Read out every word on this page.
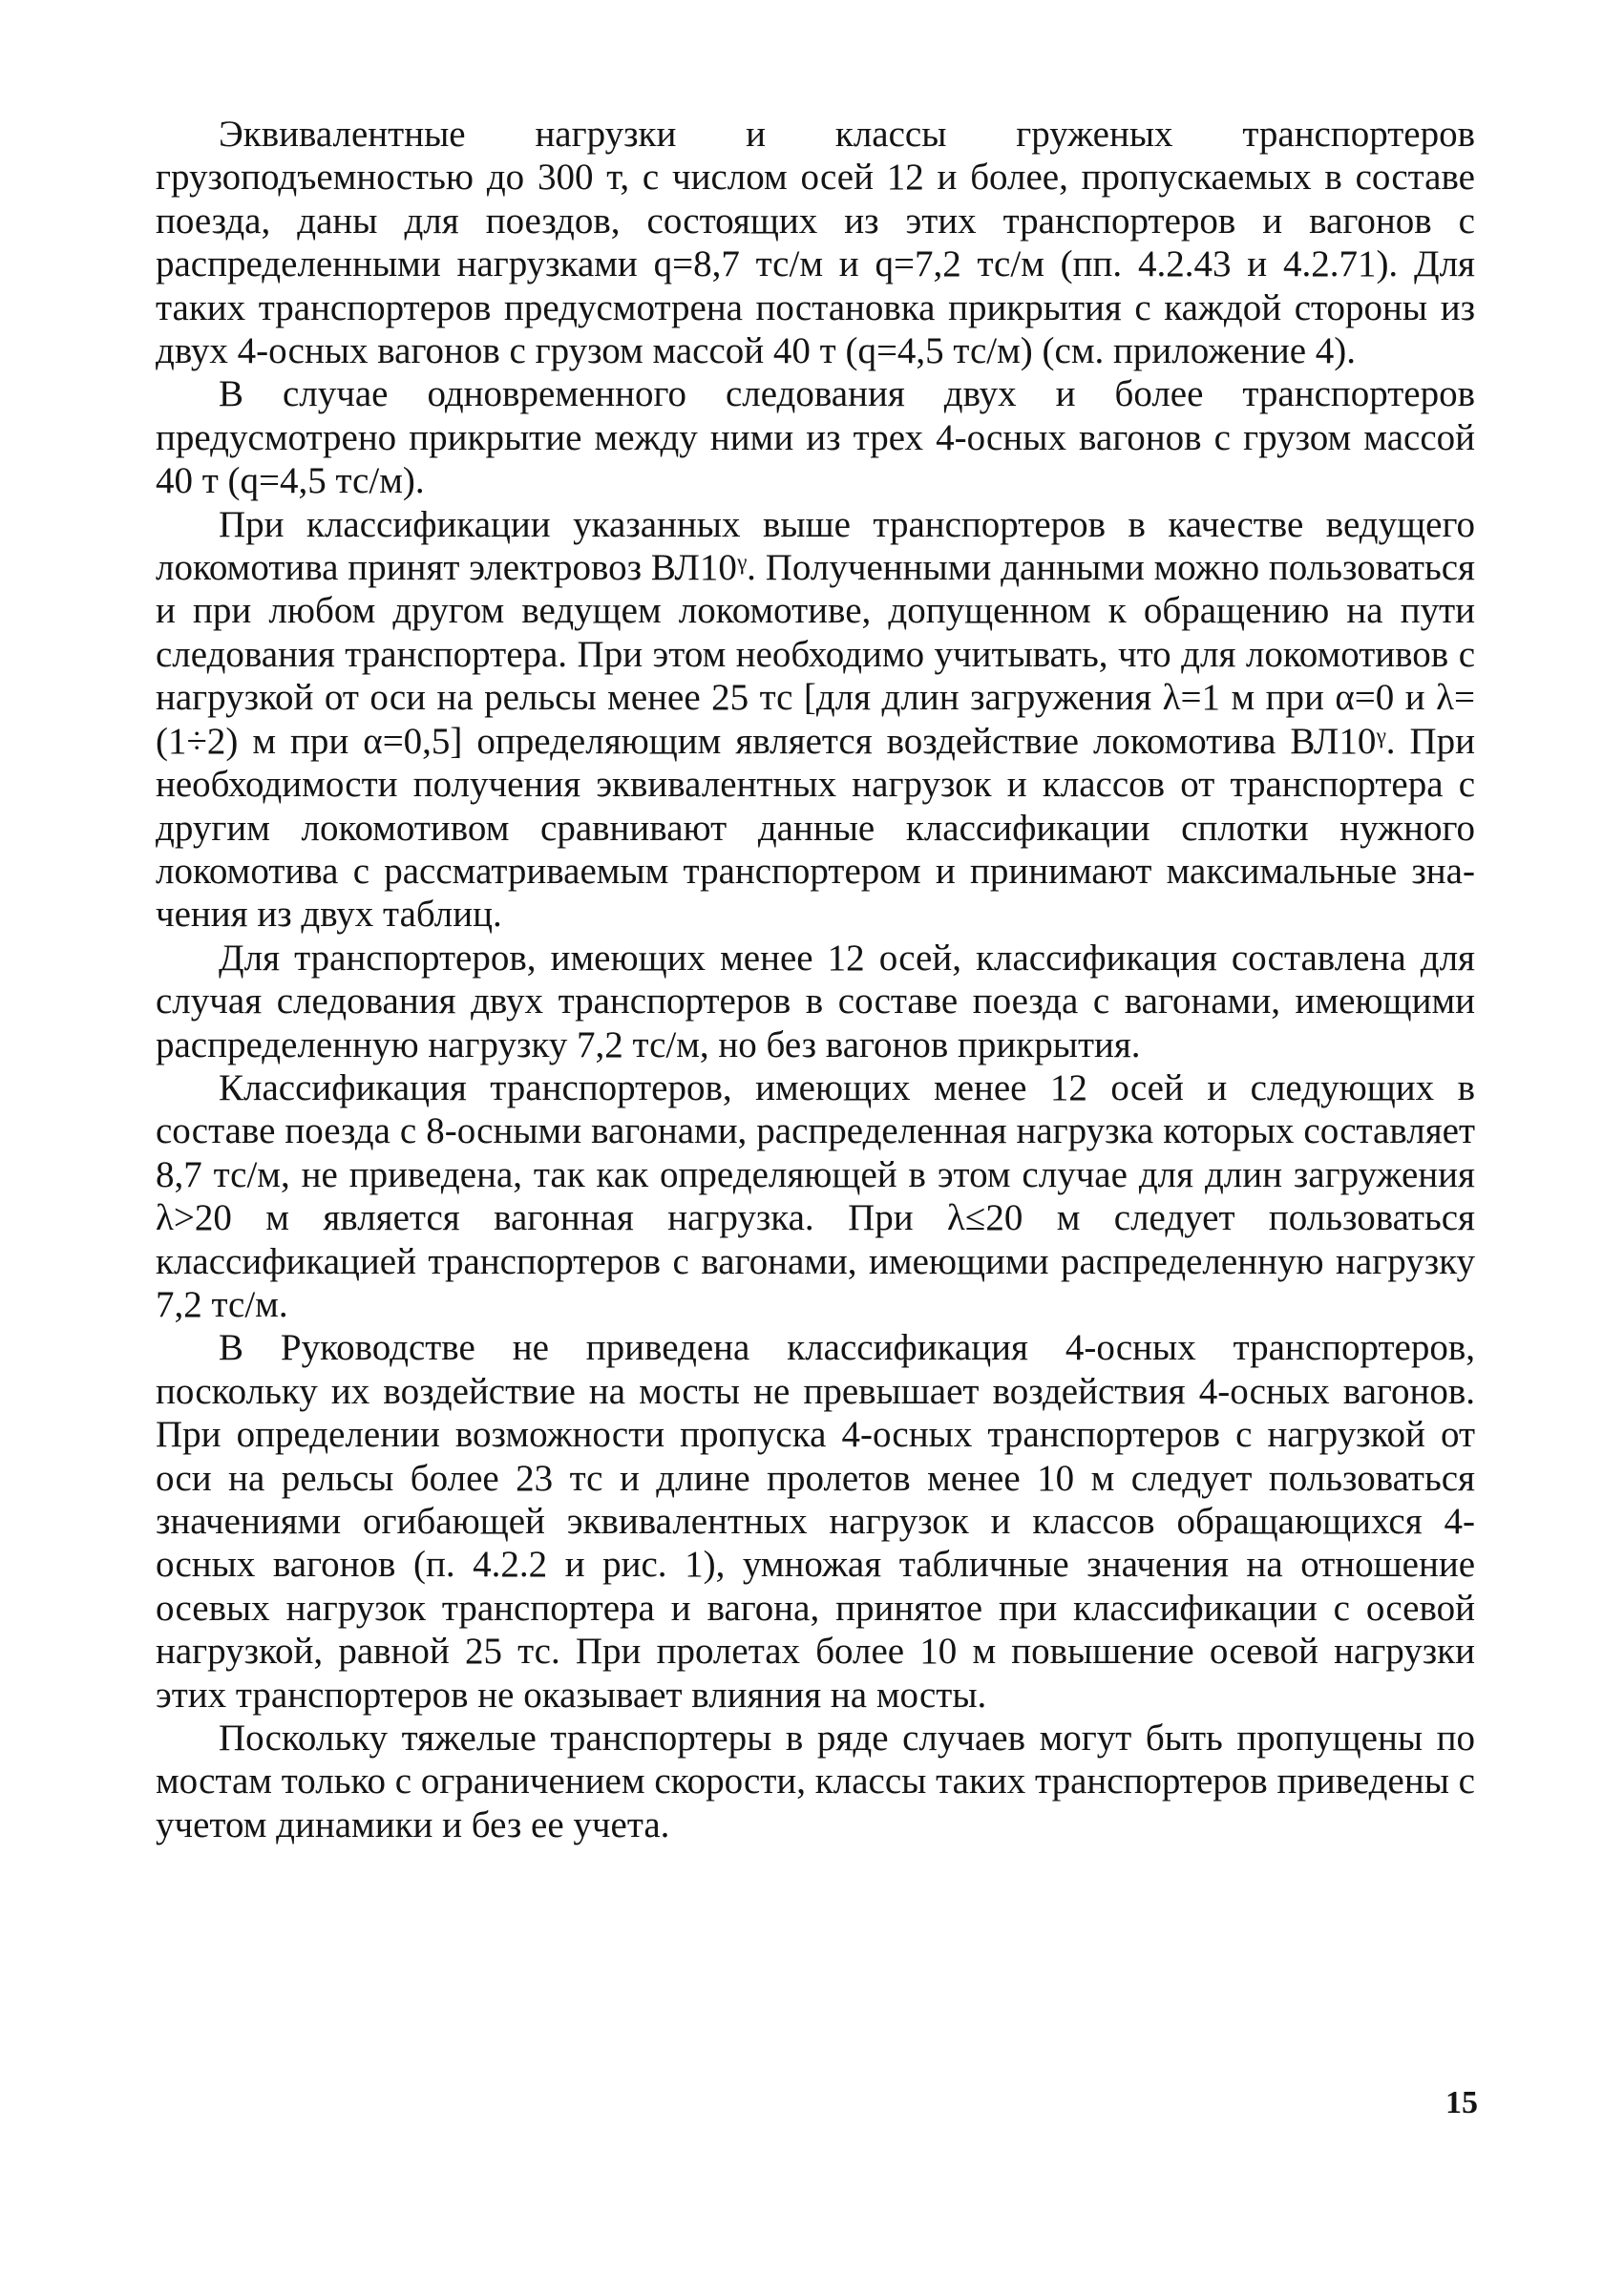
Эквивалентные нагрузки и классы груженых транспортеров грузоподъемностью до 300 т, с числом осей 12 и более, пропускаемых в составе поезда, даны для поездов, состоящих из этих транспортеров и вагонов с распределенными нагрузками q=8,7 тс/м и q=7,2 тс/м (пп. 4.2.43 и 4.2.71). Для таких транспортеров предусмотрена постановка прикрытия с каждой стороны из двух 4-осных вагонов с грузом массой 40 т (q=4,5 тс/м) (см. приложение 4).

В случае одновременного следования двух и более транспортеров предусмотрено прикрытие между ними из трех 4-осных вагонов с грузом массой 40 т (q=4,5 тс/м).

При классификации указанных выше транспортеров в качестве ведущего локомотива принят электровоз ВЛ10ᵞ. Полученными данными можно пользоваться и при любом другом ведущем локомотиве, допущенном к обращению на пути следования транспортера. При этом необходимо учитывать, что для локомотивов с нагрузкой от оси на рельсы менее 25 тс [для длин загружения λ=1 м при α=0 и λ=(1÷2) м при α=0,5] определяющим является воздействие локомотива ВЛ10ᵞ. При необходимости получения эквивалентных нагрузок и классов от транспортера с другим локомотивом сравнивают данные классификации сплотки нужного локомотива с рассматриваемым транспортером и принимают максимальные значения из двух таблиц.

Для транспортеров, имеющих менее 12 осей, классификация составлена для случая следования двух транспортеров в составе поезда с вагонами, имеющими распределенную нагрузку 7,2 тс/м, но без вагонов прикрытия.

Классификация транспортеров, имеющих менее 12 осей и следующих в составе поезда с 8-осными вагонами, распределенная нагрузка которых составляет 8,7 тс/м, не приведена, так как определяющей в этом случае для длин загружения λ>20 м является вагонная нагрузка. При λ≤20 м следует пользоваться классификацией транспортеров с вагонами, имеющими распределенную нагрузку 7,2 тс/м.

В Руководстве не приведена классификация 4-осных транспортеров, поскольку их воздействие на мосты не превышает воздействия 4-осных вагонов. При определении возможности пропуска 4-осных транспортеров с нагрузкой от оси на рельсы более 23 тс и длине пролетов менее 10 м следует пользоваться значениями огибающей эквивалентных нагрузок и классов обращающихся 4-осных вагонов (п. 4.2.2 и рис. 1), умножая табличные значения на отношение осевых нагрузок транспортера и вагона, принятое при классификации с осевой нагрузкой, равной 25 тс. При пролетах более 10 м повышение осевой нагрузки этих транспортеров не оказывает влияния на мосты.

Поскольку тяжелые транспортеры в ряде случаев могут быть пропущены по мостам только с ограничением скорости, классы таких транспортеров приведены с учетом динамики и без ее учета.

15
